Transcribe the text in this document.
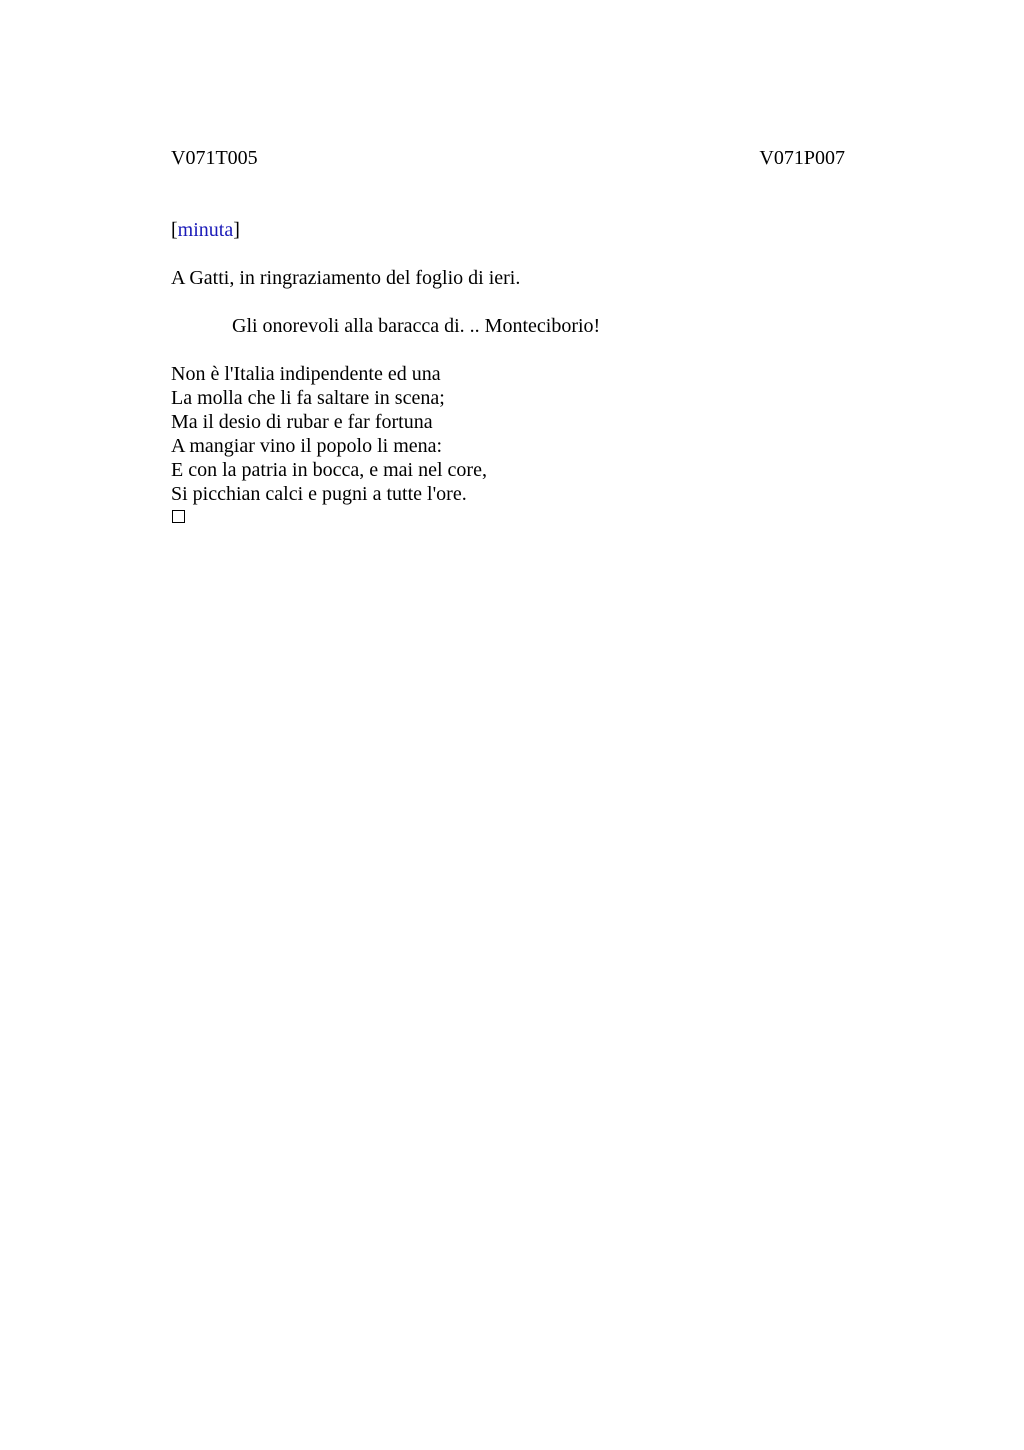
V071T005	V071P007
[minuta]
A Gatti, in ringraziamento del foglio di ieri.
Gli onorevoli alla baracca di. .. Monteciborio!
Non è l'Italia indipendente ed una
La molla che li fa saltare in scena;
Ma il desio di rubar e far fortuna
A mangiar vino il popolo li mena:
E con la patria in bocca, e mai nel core,
Si picchian calci e pugni a tutte l'ore.
